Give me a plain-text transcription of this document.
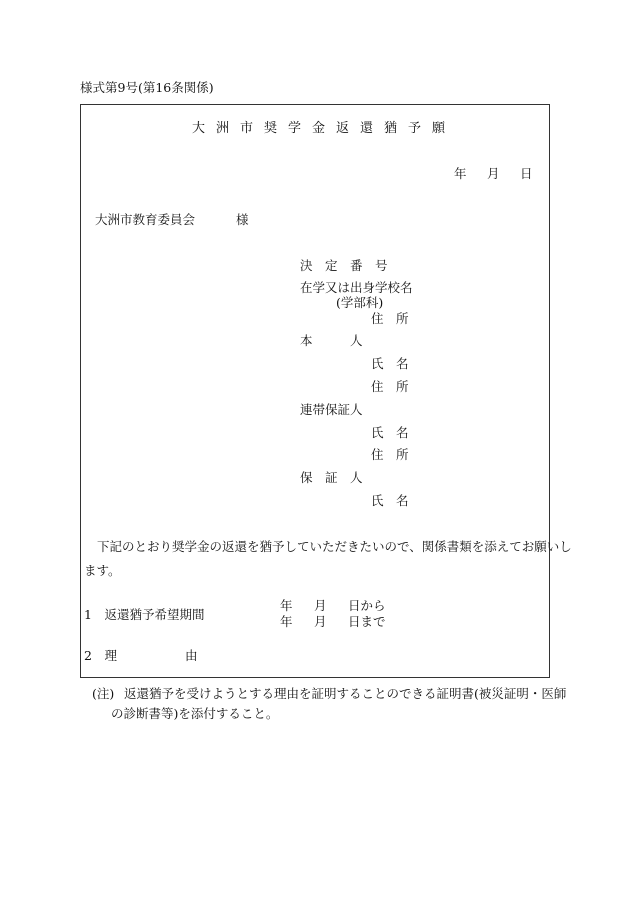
様式第9号(第16条関係)
大洲市奨学金返還猶予願
年 月 日
大洲市教育委員会	様
決　定　番　号
在学又は出身学校名
(学部科)
住　所
本　　　人
氏　名
住　所
連帯保証人
氏　名
住　所
保　証　人
氏　名
下記のとおり奨学金の返還を猶予していただきたいので、関係書類を添えてお願いし
ます。
1　返還猶予希望期間
年 月 日から
年 月 日まで
2　理	由
(注) 返還猶予を受けようとする理由を証明することのできる証明書(被災証明・医師
の診断書等)を添付すること。
